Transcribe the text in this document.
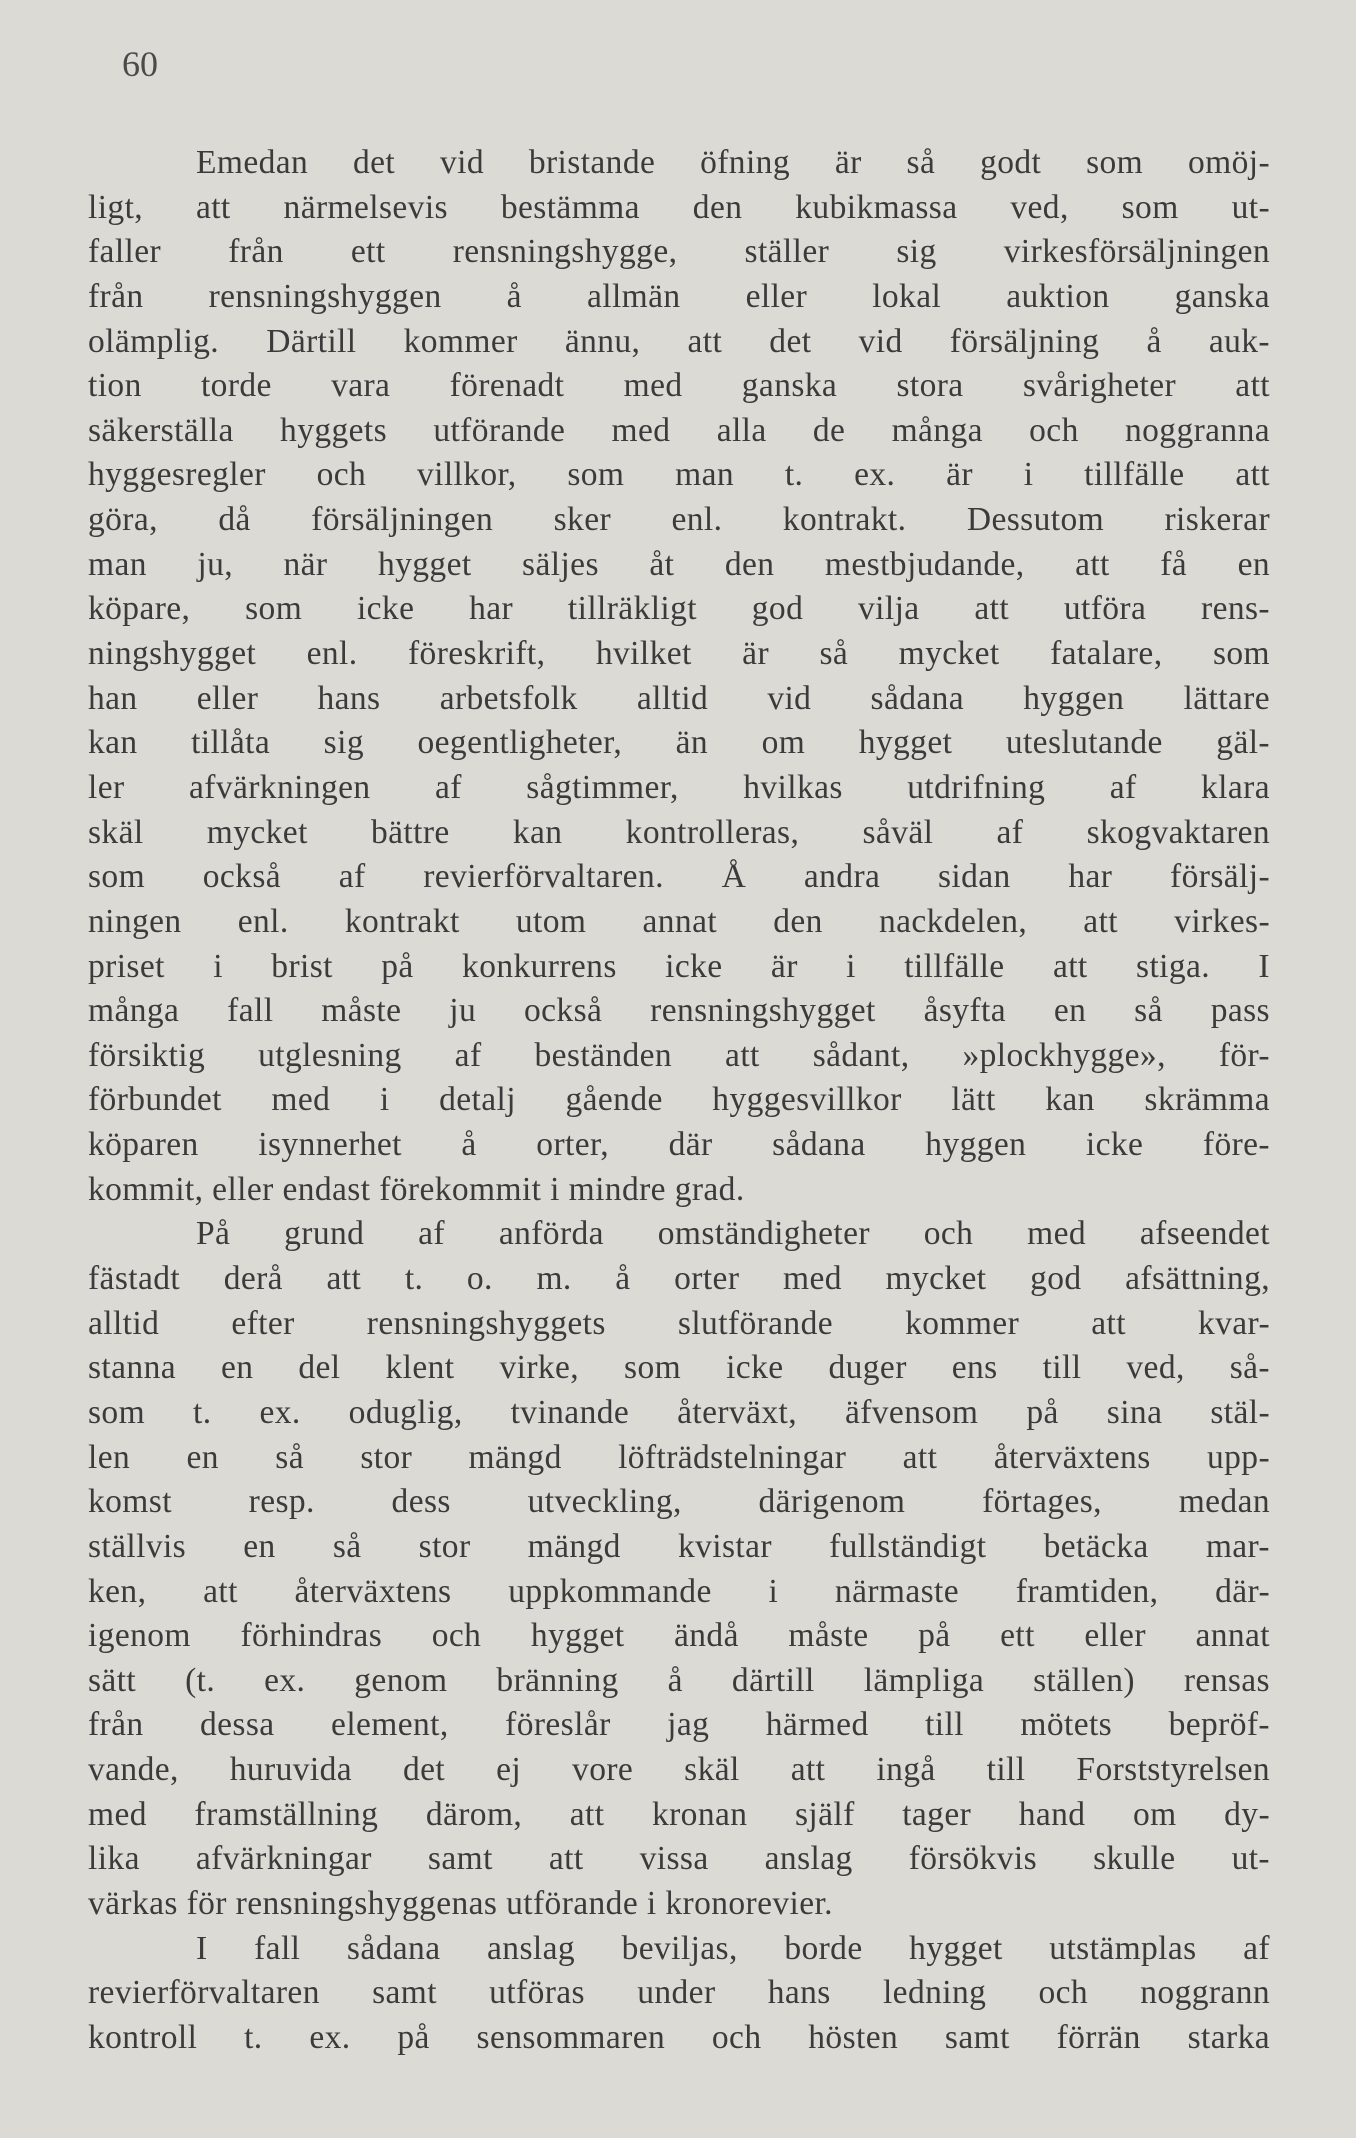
60
Emedan det vid bristande öfning är så godt som omöj-
ligt, att närmelsevis bestämma den kubikmassa ved, som ut-
faller från ett rensningshygge, ställer sig virkesförsäljningen
från rensningshyggen å allmän eller lokal auktion ganska
olämplig. Därtill kommer ännu, att det vid försäljning å auk-
tion torde vara förenadt med ganska stora svårigheter att
säkerställa hyggets utförande med alla de många och noggranna
hyggesregler och villkor, som man t. ex. är i tillfälle att
göra, då försäljningen sker enl. kontrakt. Dessutom riskerar
man ju, när hygget säljes åt den mestbjudande, att få en
köpare, som icke har tillräkligt god vilja att utföra rens-
ningshygget enl. föreskrift, hvilket är så mycket fatalare, som
han eller hans arbetsfolk alltid vid sådana hyggen lättare
kan tillåta sig oegentligheter, än om hygget uteslutande gäl-
ler afvärkningen af sågtimmer, hvilkas utdrifning af klara
skäl mycket bättre kan kontrolleras, såväl af skogvaktaren
som också af revierförvaltaren. Å andra sidan har försälj-
ningen enl. kontrakt utom annat den nackdelen, att virkes-
priset i brist på konkurrens icke är i tillfälle att stiga. I
många fall måste ju också rensningshygget åsyfta en så pass
försiktig utglesning af beständen att sådant, »plockhygge», för-
förbundet med i detalj gående hyggesvillkor lätt kan skrämma
köparen isynnerhet å orter, där sådana hyggen icke före-
kommit, eller endast förekommit i mindre grad.
På grund af anförda omständigheter och med afseendet
fästadt derå att t. o. m. å orter med mycket god afsättning,
alltid efter rensningshyggets slutförande kommer att kvar-
stanna en del klent virke, som icke duger ens till ved, så-
som t. ex. oduglig, tvinande återväxt, äfvensom på sina stäl-
len en så stor mängd löfträdstelningar att återväxtens upp-
komst resp. dess utveckling, därigenom förtages, medan
ställvis en så stor mängd kvistar fullständigt betäcka mar-
ken, att återväxtens uppkommande i närmaste framtiden, där-
igenom förhindras och hygget ändå måste på ett eller annat
sätt (t. ex. genom bränning å därtill lämpliga ställen) rensas
från dessa element, föreslår jag härmed till mötets bepröf-
vande, huruvida det ej vore skäl att ingå till Forststyrelsen
med framställning därom, att kronan själf tager hand om dy-
lika afvärkningar samt att vissa anslag försökvis skulle ut-
värkas för rensningshyggenas utförande i kronorevier.
I fall sådana anslag beviljas, borde hygget utstämplas af
revierförvaltaren samt utföras under hans ledning och noggrann
kontroll t. ex. på sensommaren och hösten samt förrän starka
